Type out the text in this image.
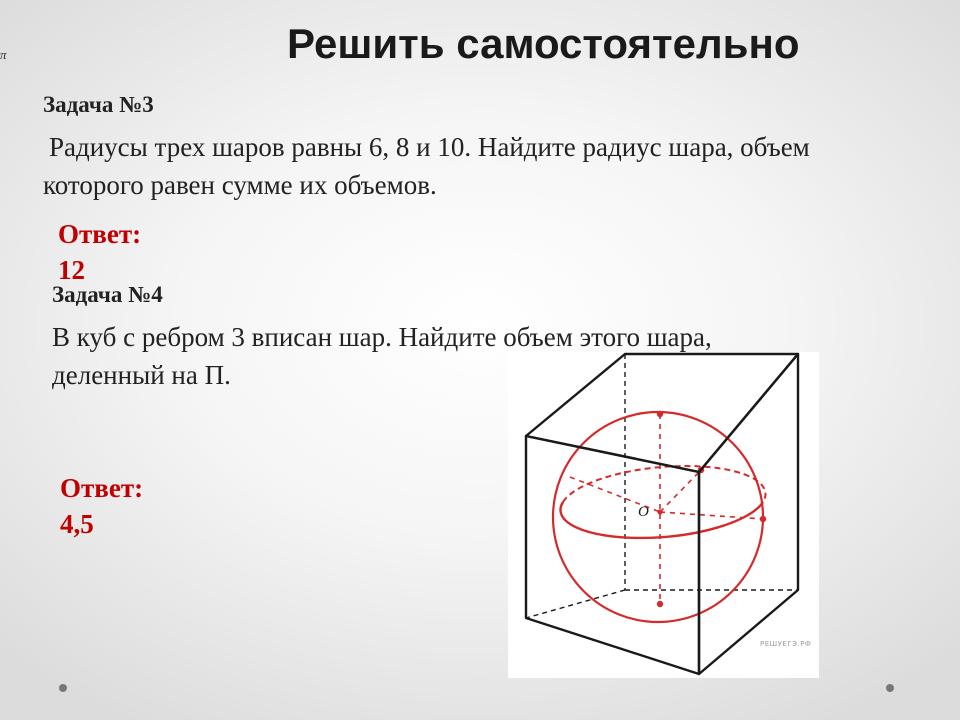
π	Решить самостоятельно
Задача №3

Радиусы трех шаров равны 6, 8 и 10. Найдите радиус шара, объем которого равен сумме их объемов.

Ответ:
12
Задача №4

В куб с ребром 3 вписан шар. Найдите объем этого шара, деленный на П.

Ответ:
4,5	O
РЕШУЕГЭ.РФ
